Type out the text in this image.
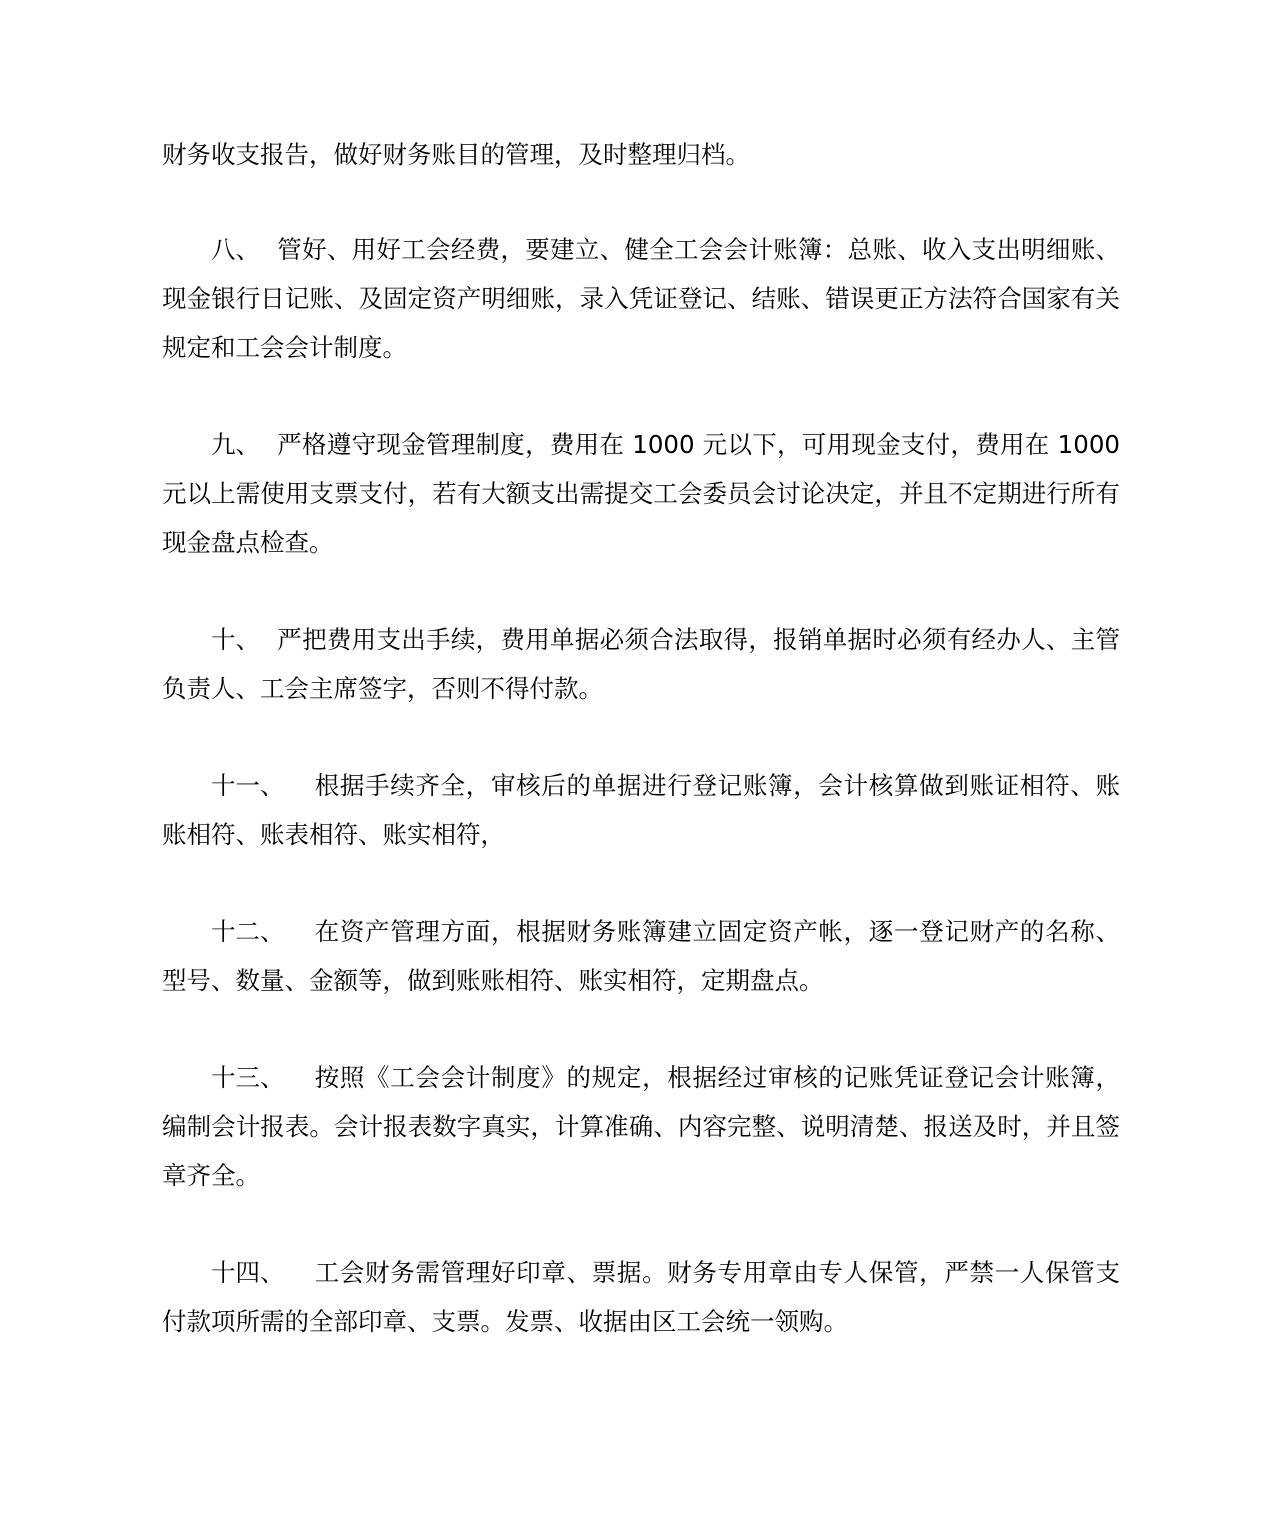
财务收支报告，做好财务账目的管理，及时整理归档。

八、 管好、用好工会经费，要建立、健全工会会计账簿：总账、收入支出明细账、现金银行日记账、及固定资产明细账，录入凭证登记、结账、错误更正方法符合国家有关规定和工会会计制度。

九、 严格遵守现金管理制度，费用在 1000 元以下，可用现金支付，费用在 1000 元以上需使用支票支付，若有大额支出需提交工会委员会讨论决定，并且不定期进行所有现金盘点检查。

十、 严把费用支出手续，费用单据必须合法取得，报销单据时必须有经办人、主管负责人、工会主席签字，否则不得付款。

十一、 根据手续齐全，审核后的单据进行登记账簿，会计核算做到账证相符、账账相符、账表相符、账实相符，

十二、 在资产管理方面，根据财务账簿建立固定资产帐，逐一登记财产的名称、型号、数量、金额等，做到账账相符、账实相符，定期盘点。

十三、 按照《工会会计制度》的规定，根据经过审核的记账凭证登记会计账簿，编制会计报表。会计报表数字真实，计算准确、内容完整、说明清楚、报送及时，并且签章齐全。

十四、 工会财务需管理好印章、票据。财务专用章由专人保管，严禁一人保管支付款项所需的全部印章、支票。发票、收据由区工会统一领购。
